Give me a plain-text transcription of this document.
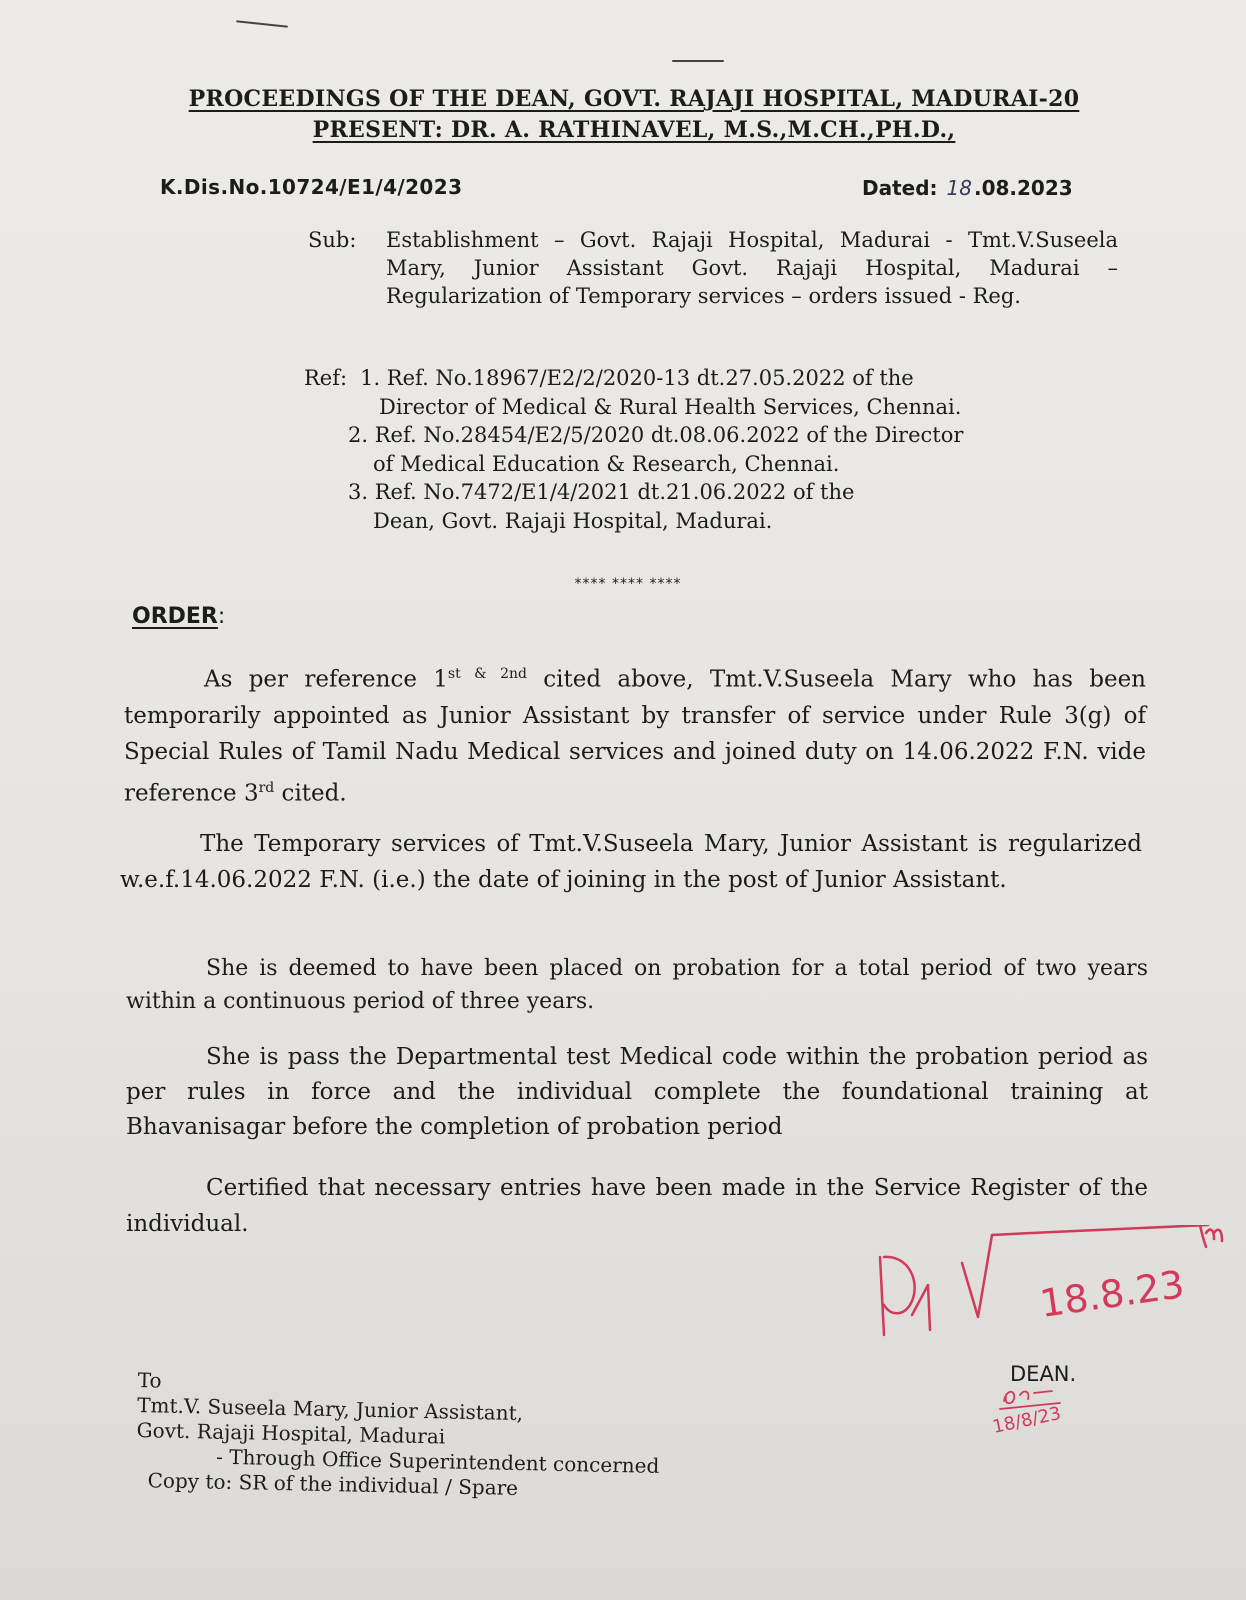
PROCEEDINGS OF THE DEAN, GOVT. RAJAJI HOSPITAL, MADURAI-20
PRESENT: DR. A. RATHINAVEL, M.S.,M.CH.,PH.D.,
K.Dis.No.10724/E1/4/2023	Dated: 18 .08.2023
Sub: Establishment – Govt. Rajaji Hospital, Madurai - Tmt.V.Suseela Mary, Junior Assistant Govt. Rajaji Hospital, Madurai – Regularization of Temporary services – orders issued - Reg.
Ref: 1. Ref. No.18967/E2/2/2020-13 dt.27.05.2022 of the
Director of Medical & Rural Health Services, Chennai.
2. Ref. No.28454/E2/5/2020 dt.08.06.2022 of the Director
of Medical Education & Research, Chennai.
3. Ref. No.7472/E1/4/2021 dt.21.06.2022 of the
Dean, Govt. Rajaji Hospital, Madurai.
**** **** ****
ORDER:
As per reference $1^{st \& 2nd}$ cited above, Tmt.V.Suseela Mary who has been temporarily appointed as Junior Assistant by transfer of service under Rule 3(g) of Special Rules of Tamil Nadu Medical services and joined duty on 14.06.2022 F.N. vide reference 3rd cited.
The Temporary services of Tmt.V.Suseela Mary, Junior Assistant is regularized w.e.f.14.06.2022 F.N. (i.e.) the date of joining in the post of Junior Assistant.
She is deemed to have been placed on probation for a total period of two years within a continuous period of three years.
She is pass the Departmental test Medical code within the probation period as per rules in force and the individual complete the foundational training at Bhavanisagar before the completion of probation period
Certified that necessary entries have been made in the Service Register of the individual.
18.8.23
DEAN.
18/8/23
To
Tmt.V. Suseela Mary, Junior Assistant,
Govt. Rajaji Hospital, Madurai
- Through Office Superintendent concerned
Copy to: SR of the individual / Spare
